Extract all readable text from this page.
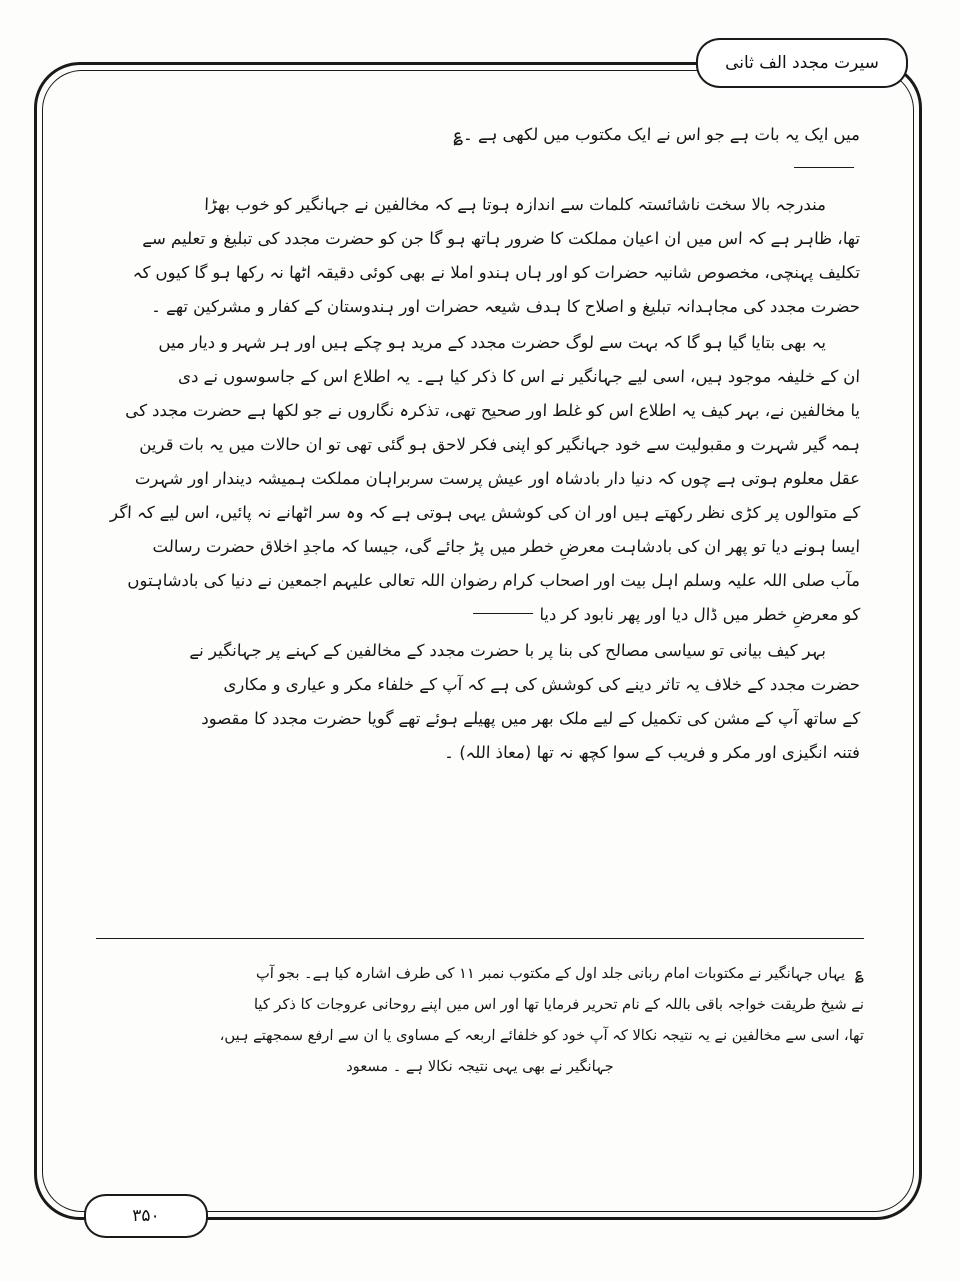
سیرت مجدد الف ثانی
میں ایک یہ بات ہے جو اس نے ایک مکتوب میں لکھی ہے ۔؏
مندرجہ بالا سخت ناشائستہ کلمات سے اندازہ ہوتا ہے کہ مخالفین نے جہانگیر کو خوب بھڑا
تھا، ظاہر ہے کہ اس میں ان اعیان مملکت کا ضرور ہاتھ ہو گا جن کو حضرت مجدد کی تبلیغ و تعلیم سے
تکلیف پہنچی، مخصوص شانیہ حضرات کو اور ہاں ہندو املا نے بھی کوئی دقیقہ اٹھا نہ رکھا ہو گا کیوں کہ
حضرت مجدد کی مجاہدانہ تبلیغ و اصلاح کا ہدف شیعہ حضرات اور ہندوستان کے کفار و مشرکین تھے ۔
یہ بھی بتایا گیا ہو گا کہ بہت سے لوگ حضرت مجدد کے مرید ہو چکے ہیں اور ہر شہر و دیار میں
ان کے خلیفہ موجود ہیں، اسی لیے جہانگیر نے اس کا ذکر کیا ہے۔ یہ اطلاع اس کے جاسوسوں نے دی
یا مخالفین نے، بہر کیف یہ اطلاع اس کو غلط اور صحیح تھی، تذکرہ نگاروں نے جو لکھا ہے حضرت مجدد کی
ہمہ گیر شہرت و مقبولیت سے خود جہانگیر کو اپنی فکر لاحق ہو گئی تھی تو ان حالات میں یہ بات قرین
عقل معلوم ہوتی ہے چوں کہ دنیا دار بادشاہ اور عیش پرست سربراہان مملکت ہمیشہ دیندار اور شہرت
کے متوالوں پر کڑی نظر رکھتے ہیں اور ان کی کوشش یہی ہوتی ہے کہ وہ سر اٹھانے نہ پائیں، اس لیے کہ اگر
ایسا ہونے دیا تو پھر ان کی بادشاہت معرضِ خطر میں پڑ جائے گی، جیسا کہ ماجدِ اخلاق حضرت رسالت
مآب صلی اللہ علیہ وسلم اہل بیت اور اصحاب کرام رضوان اللہ تعالی علیہم اجمعین نے دنیا کی بادشاہتوں
کو معرضِ خطر میں ڈال دیا اور پھر نابود کر دیا
بہر کیف بیانی تو سیاسی مصالح کی بنا پر با حضرت مجدد کے مخالفین کے کہنے پر جہانگیر نے
حضرت مجدد کے خلاف یہ تاثر دینے کی کوشش کی ہے کہ آپ کے خلفاء مکر و عیاری و مکاری
کے ساتھ آپ کے مشن کی تکمیل کے لیے ملک بھر میں پھیلے ہوئے تھے گویا حضرت مجدد کا مقصود
فتنہ انگیزی اور مکر و فریب کے سوا کچھ نہ تھا (معاذ اللہ) ۔
؏یہاں جہانگیر نے مکتوبات امام ربانی جلد اول کے مکتوب نمبر ۱۱ کی طرف اشارہ کیا ہے۔ بجو آپ
نے شیخ طریقت خواجہ باقی باللہ کے نام تحریر فرمایا تھا اور اس میں اپنے روحانی عروجات کا ذکر کیا
تھا، اسی سے مخالفین نے یہ نتیجہ نکالا کہ آپ خود کو خلفائے اربعہ کے مساوی یا ان سے ارفع سمجھتے ہیں،
جہانگیر نے بھی یہی نتیجہ نکالا ہے ۔ مسعود
۳۵۰
